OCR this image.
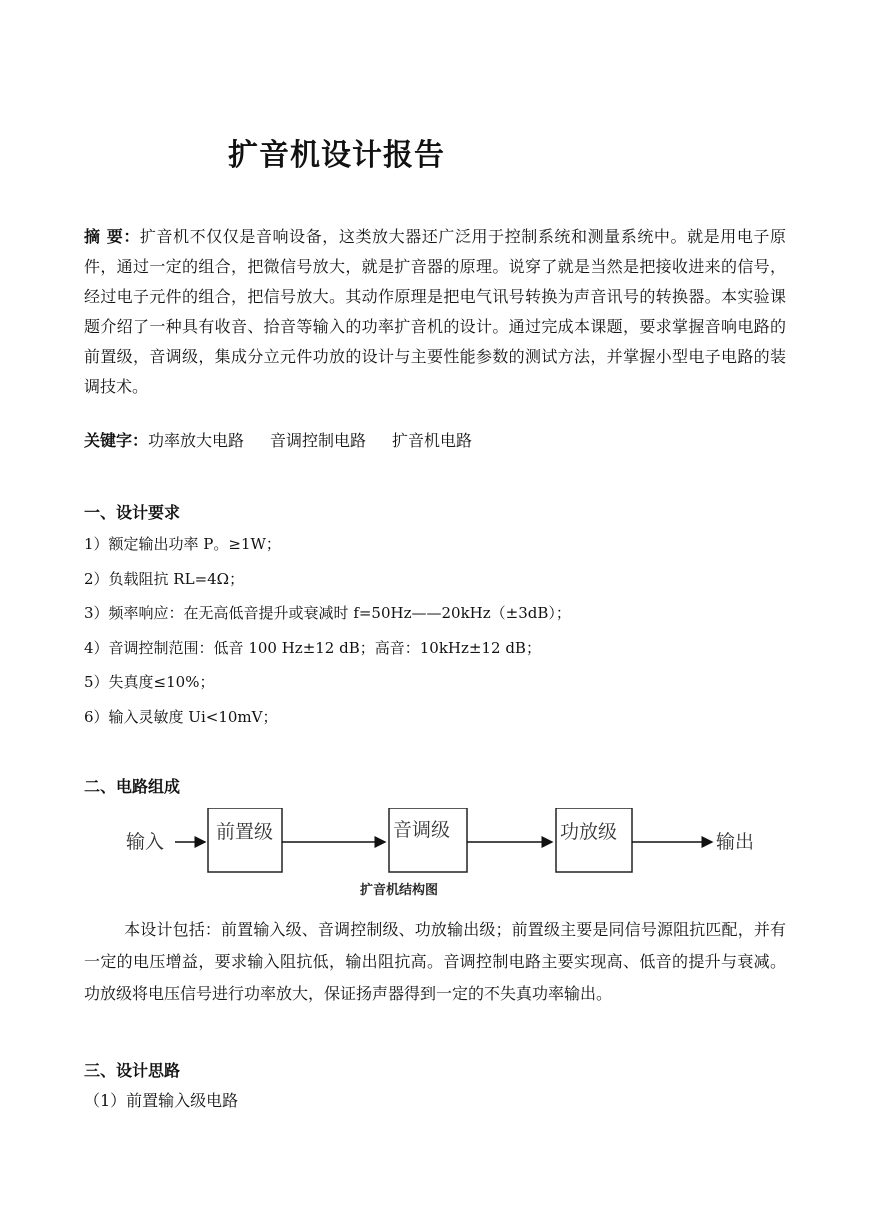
扩音机设计报告
摘 要：扩音机不仅仅是音响设备，这类放大器还广泛用于控制系统和测量系统中。就是用电子原件，通过一定的组合，把微信号放大，就是扩音器的原理。说穿了就是当然是把接收进来的信号，经过电子元件的组合，把信号放大。其动作原理是把电气讯号转换为声音讯号的转换器。本实验课题介绍了一种具有收音、拾音等输入的功率扩音机的设计。通过完成本课题，要求掌握音响电路的前置级，音调级，集成分立元件功放的设计与主要性能参数的测试方法，并掌握小型电子电路的装调技术。
关键字：功率放大电路 音调控制电路 扩音机电路
一、设计要求
1）额定输出功率 P。≥1W；
2）负载阻抗 RL=4Ω；
3）频率响应：在无高低音提升或衰减时 f=50Hz——20kHz（±3dB）；
4）音调控制范围：低音 100 Hz±12 dB；高音：10kHz±12 dB；
5）失真度≤10%；
6）输入灵敏度 Ui<10mV；
二、电路组成
输入	前置级	音调级	功放级	输出
扩音机结构图
本设计包括：前置输入级、音调控制级、功放输出级；前置级主要是同信号源阻抗匹配，并有一定的电压增益，要求输入阻抗低，输出阻抗高。音调控制电路主要实现高、低音的提升与衰减。功放级将电压信号进行功率放大，保证扬声器得到一定的不失真功率输出。
三、设计思路
（1）前置输入级电路
